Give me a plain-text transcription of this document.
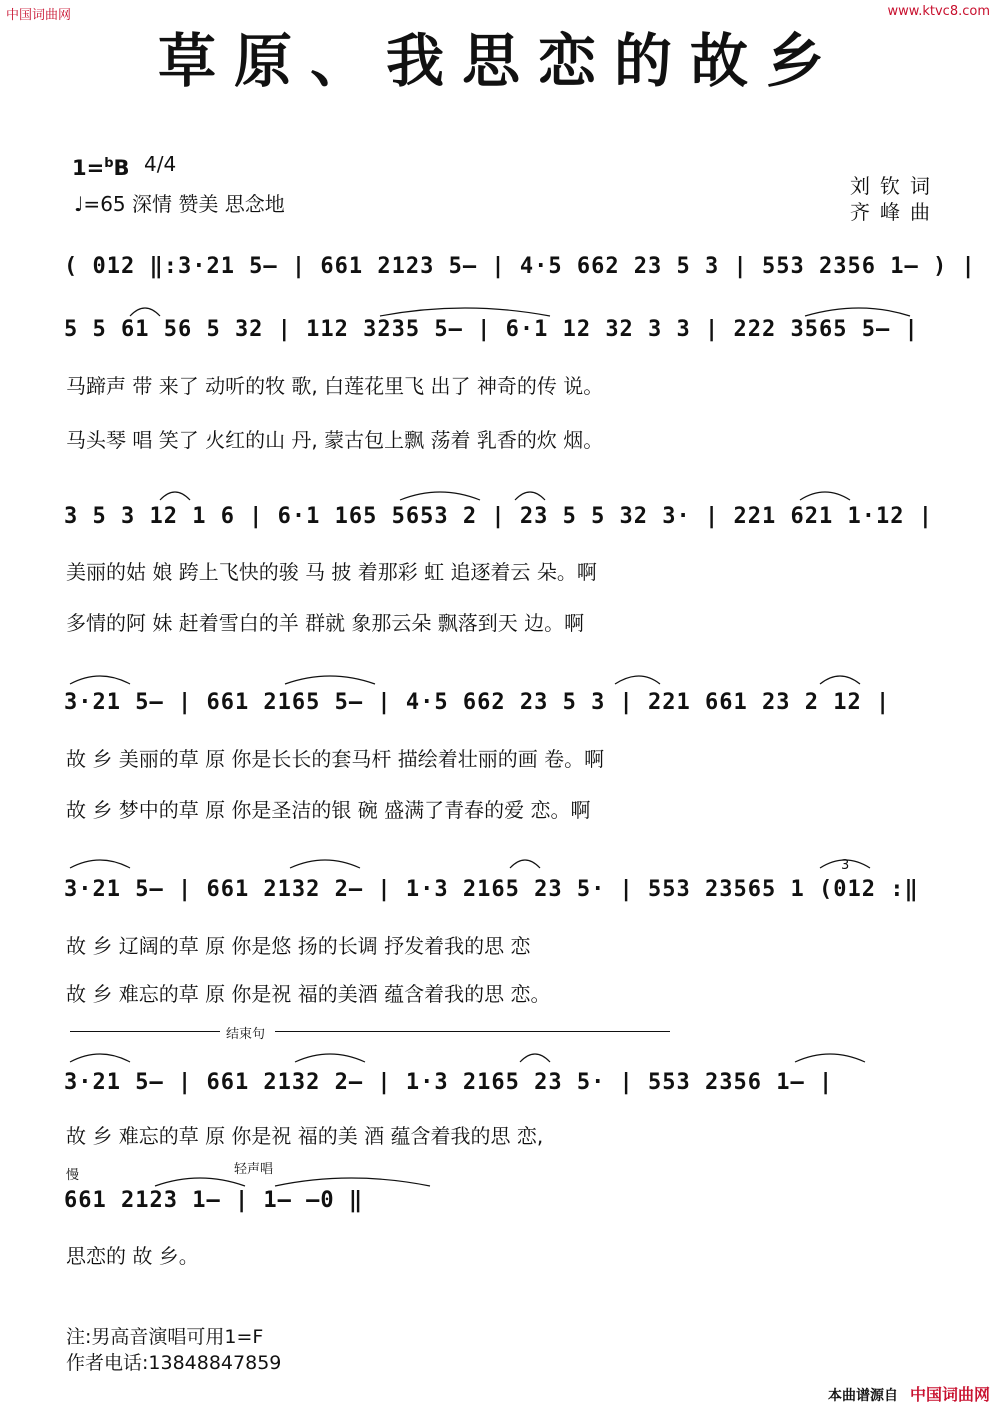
中国词曲网	www.ktvc8.com
草原、我思恋的故乡
1=$^b$B 4/4
♩=65 深情 赞美 思念地
刘钦词
齐峰曲
( 012 ‖:3·21 5— | 661 2123 5— | 4·5 662 23 5 3 | 553 2356 1— ) |
5 5 61 56 5 32 | 112 3235 5— | 6·1 12 32 3 3 | 222 3565 5— |
马蹄声 带 来了 动听的牧 歌, 白莲花里飞 出了 神奇的传 说。
马头琴 唱 笑了 火红的山 丹, 蒙古包上飘 荡着 乳香的炊 烟。
3 5 3 12 1 6 | 6·1 165 5653 2 | 23 5 5 32 3· | 221 621 1·12 |
美丽的姑 娘 跨上飞快的骏 马 披 着那彩 虹 追逐着云 朵。啊
多情的阿 妹 赶着雪白的羊 群就 象那云朵 飘落到天 边。啊
3·21 5— | 661 2165 5— | 4·5 662 23 5 3 | 221 661 23 2 12 |
故 乡 美丽的草 原 你是长长的套马杆 描绘着壮丽的画 卷。啊
故 乡 梦中的草 原 你是圣洁的银 碗 盛满了青春的爱 恋。啊
3
3·21 5— | 661 2132 2— | 1·3 2165 23 5· | 553 23565 1 (012 :‖
故 乡 辽阔的草 原 你是悠 扬的长调 抒发着我的思 恋
故 乡 难忘的草 原 你是祝 福的美酒 蕴含着我的思 恋。
结束句
3·21 5— | 661 2132 2— | 1·3 2165 23 5· | 553 2356 1— |
故 乡 难忘的草 原 你是祝 福的美 酒 蕴含着我的思 恋,
慢	轻声唱
661 2123 1— | 1— —0 ‖
思恋的 故 乡。
注:男高音演唱可用1=F
作者电话:13848847859
本曲谱源自 中国词曲网
